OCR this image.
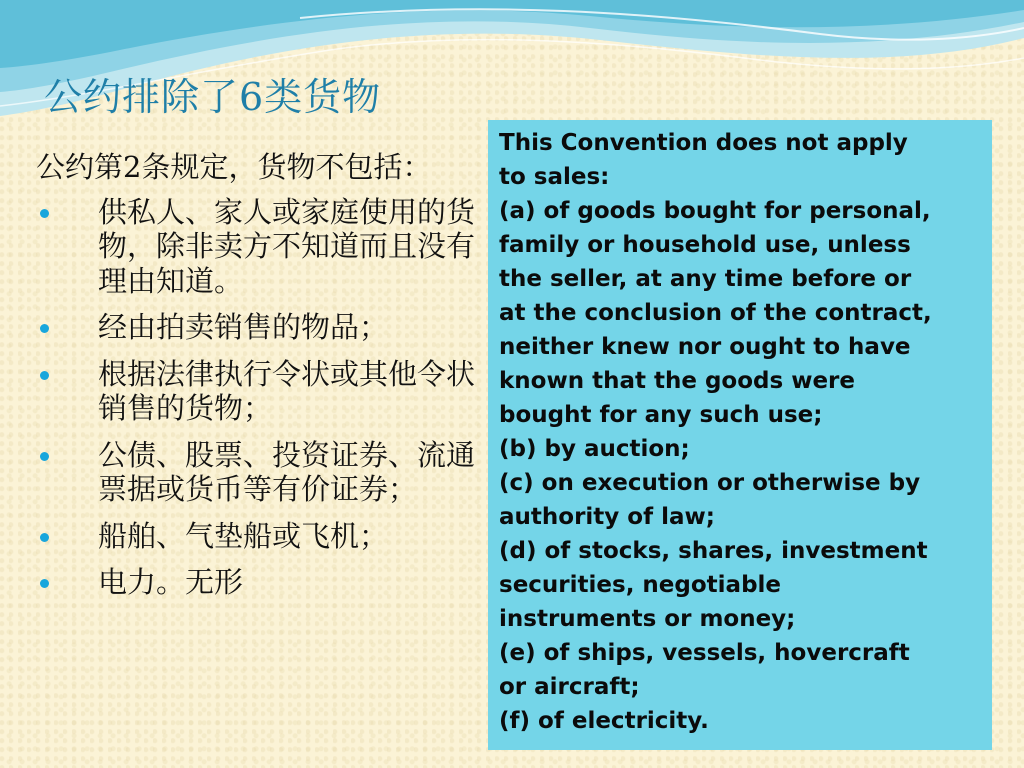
公约排除了6类货物

公约第2条规定，货物不包括：

供私人、家人或家庭使用的货物，除非卖方不知道而且没有理由知道。
经由拍卖销售的物品；
根据法律执行令状或其他令状销售的货物；
公债、股票、投资证券、流通票据或货币等有价证券；
船舶、气垫船或飞机；
电力。无形

This Convention does not apply

to sales:

(a) of goods bought for personal,

family or household use, unless

the seller, at any time before or

at the conclusion of the contract,

neither knew nor ought to have

known that the goods were

bought for any such use;

(b) by auction;

(c) on execution or otherwise by

authority of law;

(d) of stocks, shares, investment

securities, negotiable

instruments or money;

(e) of ships, vessels, hovercraft

or aircraft;

(f) of electricity.
